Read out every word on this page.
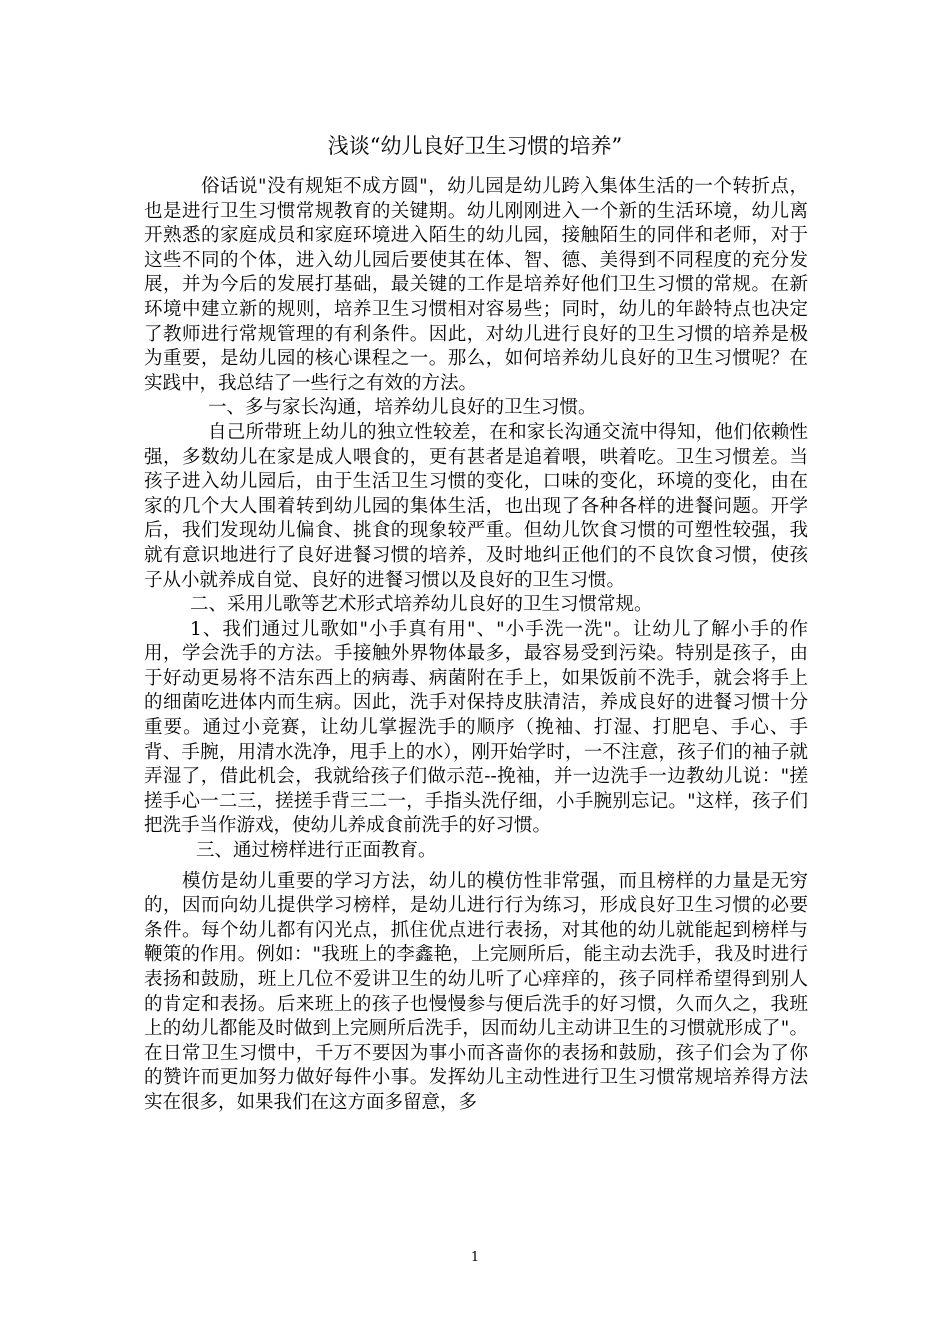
浅谈“幼儿良好卫生习惯的培养”

俗话说"没有规矩不成方圆"，幼儿园是幼儿跨入集体生活的一个转折点，也是进行卫生习惯常规教育的关键期。幼儿刚刚进入一个新的生活环境，幼儿离开熟悉的家庭成员和家庭环境进入陌生的幼儿园，接触陌生的同伴和老师，对于这些不同的个体，进入幼儿园后要使其在体、智、德、美得到不同程度的充分发展，并为今后的发展打基础，最关键的工作是培养好他们卫生习惯的常规。在新环境中建立新的规则，培养卫生习惯相对容易些；同时，幼儿的年龄特点也决定了教师进行常规管理的有利条件。因此，对幼儿进行良好的卫生习惯的培养是极为重要，是幼儿园的核心课程之一。那么，如何培养幼儿良好的卫生习惯呢？在实践中，我总结了一些行之有效的方法。

一、多与家长沟通，培养幼儿良好的卫生习惯。

自己所带班上幼儿的独立性较差，在和家长沟通交流中得知，他们依赖性强，多数幼儿在家是成人喂食的，更有甚者是追着喂，哄着吃。卫生习惯差。当孩子进入幼儿园后，由于生活卫生习惯的变化，口味的变化，环境的变化，由在家的几个大人围着转到幼儿园的集体生活，也出现了各种各样的进餐问题。开学后，我们发现幼儿偏食、挑食的现象较严重。但幼儿饮食习惯的可塑性较强，我就有意识地进行了良好进餐习惯的培养，及时地纠正他们的不良饮食习惯，使孩子从小就养成自觉、良好的进餐习惯以及良好的卫生习惯。

二、采用儿歌等艺术形式培养幼儿良好的卫生习惯常规。

1、我们通过儿歌如"小手真有用"、"小手洗一洗"。让幼儿了解小手的作用，学会洗手的方法。手接触外界物体最多，最容易受到污染。特别是孩子，由于好动更易将不洁东西上的病毒、病菌附在手上，如果饭前不洗手，就会将手上的细菌吃进体内而生病。因此，洗手对保持皮肤清洁，养成良好的进餐习惯十分重要。通过小竞赛，让幼儿掌握洗手的顺序（挽袖、打湿、打肥皂、手心、手背、手腕，用清水洗净，甩手上的水），刚开始学时，一不注意，孩子们的袖子就弄湿了，借此机会，我就给孩子们做示范--挽袖，并一边洗手一边教幼儿说："搓搓手心一二三，搓搓手背三二一，手指头洗仔细，小手腕别忘记。"这样，孩子们把洗手当作游戏，使幼儿养成食前洗手的好习惯。

三、通过榜样进行正面教育。

模仿是幼儿重要的学习方法，幼儿的模仿性非常强，而且榜样的力量是无穷的，因而向幼儿提供学习榜样，是幼儿进行行为练习，形成良好卫生习惯的必要条件。每个幼儿都有闪光点，抓住优点进行表扬，对其他的幼儿就能起到榜样与鞭策的作用。例如："我班上的李鑫艳，上完厕所后，能主动去洗手，我及时进行表扬和鼓励，班上几位不爱讲卫生的幼儿听了心痒痒的，孩子同样希望得到别人的肯定和表扬。后来班上的孩子也慢慢参与便后洗手的好习惯，久而久之，我班上的幼儿都能及时做到上完厕所后洗手，因而幼儿主动讲卫生的习惯就形成了"。在日常卫生习惯中，千万不要因为事小而吝啬你的表扬和鼓励，孩子们会为了你的赞许而更加努力做好每件小事。发挥幼儿主动性进行卫生习惯常规培养得方法实在很多，如果我们在这方面多留意，多

1
